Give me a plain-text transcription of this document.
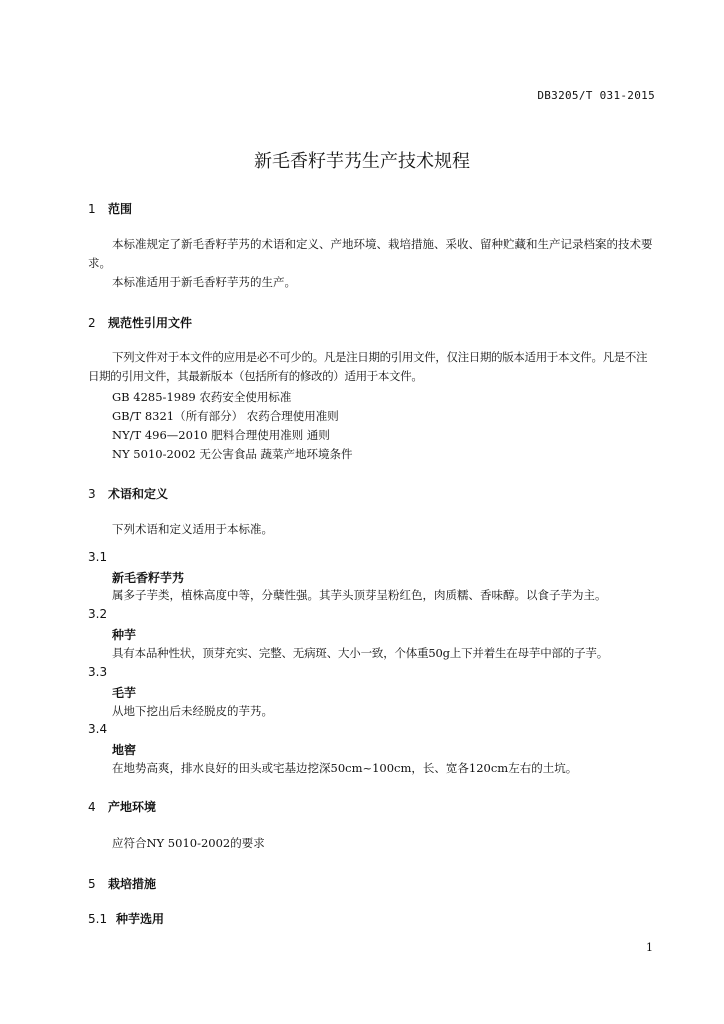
DB3205/T 031-2015
新毛香籽芋艿生产技术规程
1 范围
本标准规定了新毛香籽芋艿的术语和定义、产地环境、栽培措施、采收、留种贮藏和生产记录档案的技术要求。
本标准适用于新毛香籽芋艿的生产。
2 规范性引用文件
下列文件对于本文件的应用是必不可少的。凡是注日期的引用文件，仅注日期的版本适用于本文件。凡是不注日期的引用文件，其最新版本（包括所有的修改的）适用于本文件。
GB 4285-1989 农药安全使用标准
GB/T 8321（所有部分） 农药合理使用准则
NY/T 496—2010 肥料合理使用准则 通则
NY 5010-2002 无公害食品 蔬菜产地环境条件
3 术语和定义
下列术语和定义适用于本标准。
3.1
新毛香籽芋艿
属多子芋类，植株高度中等，分蘖性强。其芋头顶芽呈粉红色，肉质糯、香味醇。以食子芋为主。
3.2
种芋
具有本品种性状，顶芽充实、完整、无病斑、大小一致，个体重50g上下并着生在母芋中部的子芋。
3.3
毛芋
从地下挖出后未经脱皮的芋艿。
3.4
地窖
在地势高爽，排水良好的田头或宅基边挖深50cm~100cm，长、宽各120cm左右的土坑。
4 产地环境
应符合NY 5010-2002的要求
5 栽培措施
5.1 种芋选用
1
